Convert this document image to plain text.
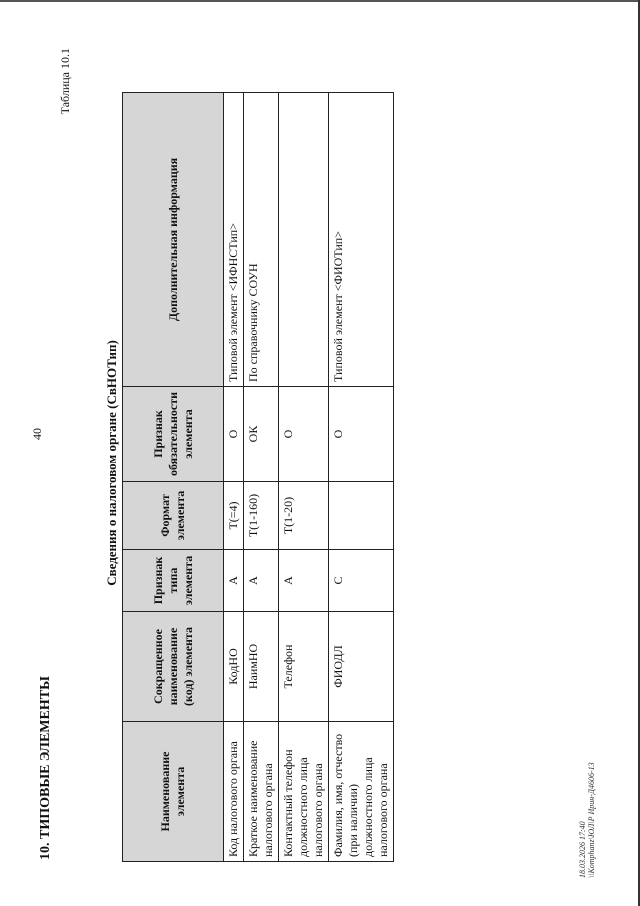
10. ТИПОВЫЕ ЭЛЕМЕНТЫ
Таблица 10.1
Сведения о налоговом органе (СвНОТип)
Наименование элемента	Сокращенное наименование (код) элемента	Признак типа элемента	Формат элемента	Признак обязательности элемента	Дополнительная информация
Код налогового органа	КодНО	А	Т(=4)	О	Типовой элемент <ИФНСТип>
Краткое наименование налогового органа	НаимНО	А	Т(1-160)	ОК	По справочнику СОУН
Контактный телефон должностного лица налогового органа	Телефон	А	Т(1-20)	О	
Фамилия, имя, отчество (при наличии) должностного лица налогового органа	ФИОДЛ	С		О	Типовой элемент <ФИОТип>
18.03.2026 17:40 \\Komphanz\ЮЛ\Р Ирин-Д4606-13
40
